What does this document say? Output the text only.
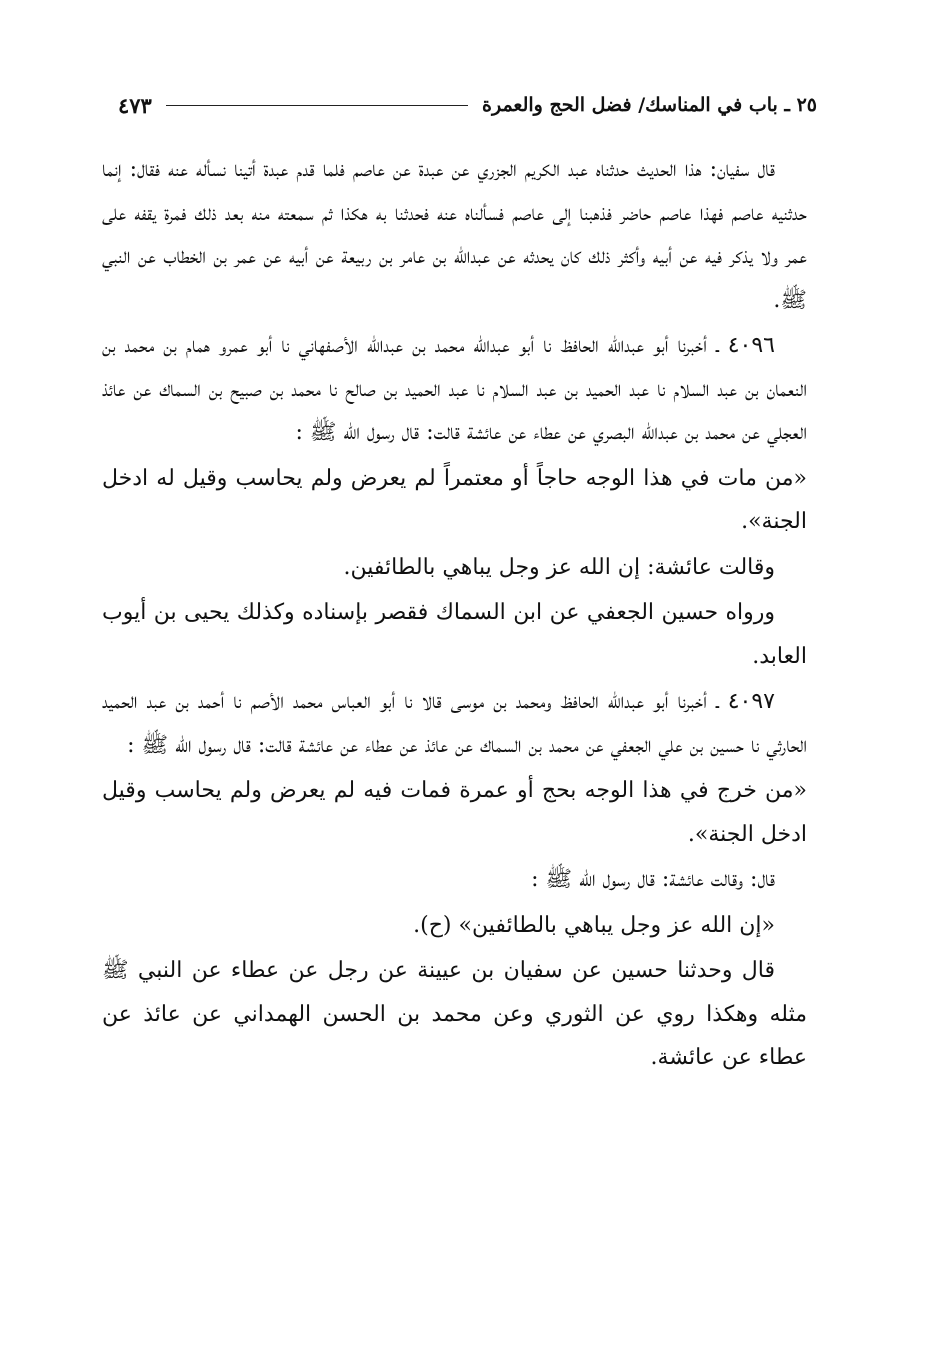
٢٥ ـ باب في المناسك/ فضل الحج والعمرة
٤٧٣

قال سفيان: هذا الحديث حدثناه عبد الكريم الجزري عن عبدة عن عاصم فلما قدم عبدة أتينا نسأله عنه فقال: إنما حدثنيه عاصم فهذا عاصم حاضر فذهبنا إلى عاصم فسألناه عنه فحدثنا به هكذا ثم سمعته منه بعد ذلك فمرة يقفه على عمر ولا يذكر فيه عن أبيه وأكثر ذلك كان يحدثه عن عبدالله بن عامر بن ربيعة عن أبيه عن عمر بن الخطاب عن النبي ﷺ.

٤٠٩٦ ـ أخبرنا أبو عبدالله الحافظ نا أبو عبدالله محمد بن عبدالله الأصفهاني نا أبو عمرو همام بن محمد بن النعمان بن عبد السلام نا عبد الحميد بن عبد السلام نا عبد الحميد بن صالح نا محمد بن صبيح بن السماك عن عائذ العجلي عن محمد بن عبدالله البصري عن عطاء عن عائشة قالت: قال رسول الله ﷺ :

«من مات في هذا الوجه حاجاً أو معتمراً لم يعرض ولم يحاسب وقيل له ادخل الجنة».

وقالت عائشة: إن الله عز وجل يباهي بالطائفين.

ورواه حسين الجعفي عن ابن السماك فقصر بإسناده وكذلك يحيى بن أيوب العابد.

٤٠٩٧ ـ أخبرنا أبو عبدالله الحافظ ومحمد بن موسى قالا نا أبو العباس محمد الأصم نا أحمد بن عبد الحميد الحارثي نا حسين بن علي الجعفي عن محمد بن السماك عن عائذ عن عطاء عن عائشة قالت: قال رسول الله ﷺ :

«من خرج في هذا الوجه بحج أو عمرة فمات فيه لم يعرض ولم يحاسب وقيل ادخل الجنة».

قال: وقالت عائشة: قال رسول الله ﷺ :

«إن الله عز وجل يباهي بالطائفين» (ح).

قال وحدثنا حسين عن سفيان بن عيينة عن رجل عن عطاء عن النبي ﷺ مثله وهكذا روي عن الثوري وعن محمد بن الحسن الهمداني عن عائذ عن عطاء عن عائشة.
